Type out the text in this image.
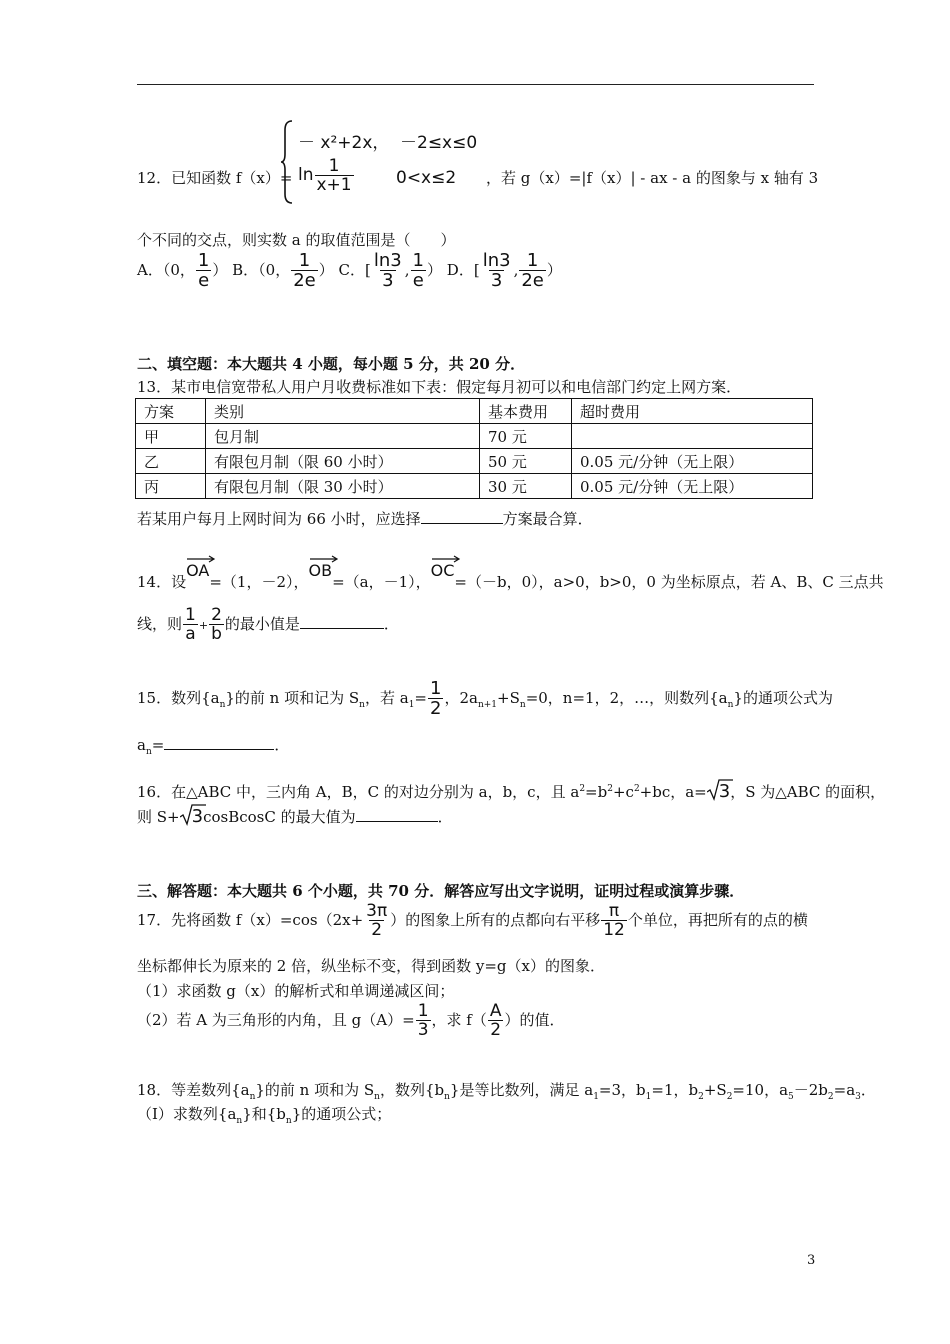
12．已知函数 f（x）=
－ x²+2x， －2≤x≤0
$\ln \frac{1}{x+1} 0<x\le 2$ ，若 g（x）=|f（x）| - ax - a 的图象与 x 轴有 3
个不同的交点，则实数 a 的取值范围是（　　）
A．（0， $\frac{1}{e}$ ） B．（0， $\frac{1}{2e}$ ） C．[ $\frac{\ln 3}{3}$ , $\frac{1}{e}$ ） D．[ $\frac{\ln 3}{3}$ , $\frac{1}{2e}$ ）
二、填空题：本大题共 4 小题，每小题 5 分，共 20 分．
13．某市电信宽带私人用户月收费标准如下表：假定每月初可以和电信部门约定上网方案．
方案	类别	基本费用	超时费用
甲	包月制	70 元	
乙	有限包月制（限 60 小时）	50 元	0.05 元/分钟（无上限）
丙	有限包月制（限 30 小时）	30 元	0.05 元/分钟（无上限）
若某用户每月上网时间为 66 小时，应选择	方案最合算．
14．设
OA=（1，－2），
OB=（a，－1），
OC=（－b，0），a>0，b>0，0 为坐标原点，若 A、B、C 三点共
线，则 $\frac{1}{a} + \frac{2}{b}$ 的最小值是	．
15．数列$\{a_n\}$的前 n 项和记为 $S_n$，若 $a_1= \frac{1}{2}$ ，$2a_{n+1}+S_n=0$，n=1，2，…，则数列$\{a_n\}$的通项公式为
$a_n=$	．
16．在△ABC 中，三内角 A，B，C 的对边分别为 a，b，c，且 $a^2=b^2+c^2+bc$，a= 3，S 为△ABC 的面积，
则 S+ 3cosBcosC 的最大值为	．
三、解答题：本大题共 6 个小题，共 70 分．解答应写出文字说明，证明过程或演算步骤．
17．先将函数 $f(x)=\cos(2x+ \frac{3\pi}{2}$ ）的图象上所有的点都向右平移 $\frac{\pi}{12}$ 个单位，再把所有的点的横
坐标都伸长为原来的 2 倍，纵坐标不变，得到函数 y=g（x）的图象．
（1）求函数 g（x）的解析式和单调递减区间；
（2）若 A 为三角形的内角，且 $g(A)= \frac{1}{3}$ ，求 $f( \frac{A}{2}$ ）的值．
18．等差数列$\{a_n\}$的前 n 项和为 $S_n$，数列$\{b_n\}$是等比数列，满足 $a_1=3$，$b_1=1$，$b_2+S_2=10$，$a_5-2b_2=a_3$．
（Ⅰ）求数列$\{a_n\}$和$\{b_n\}$的通项公式；
3
